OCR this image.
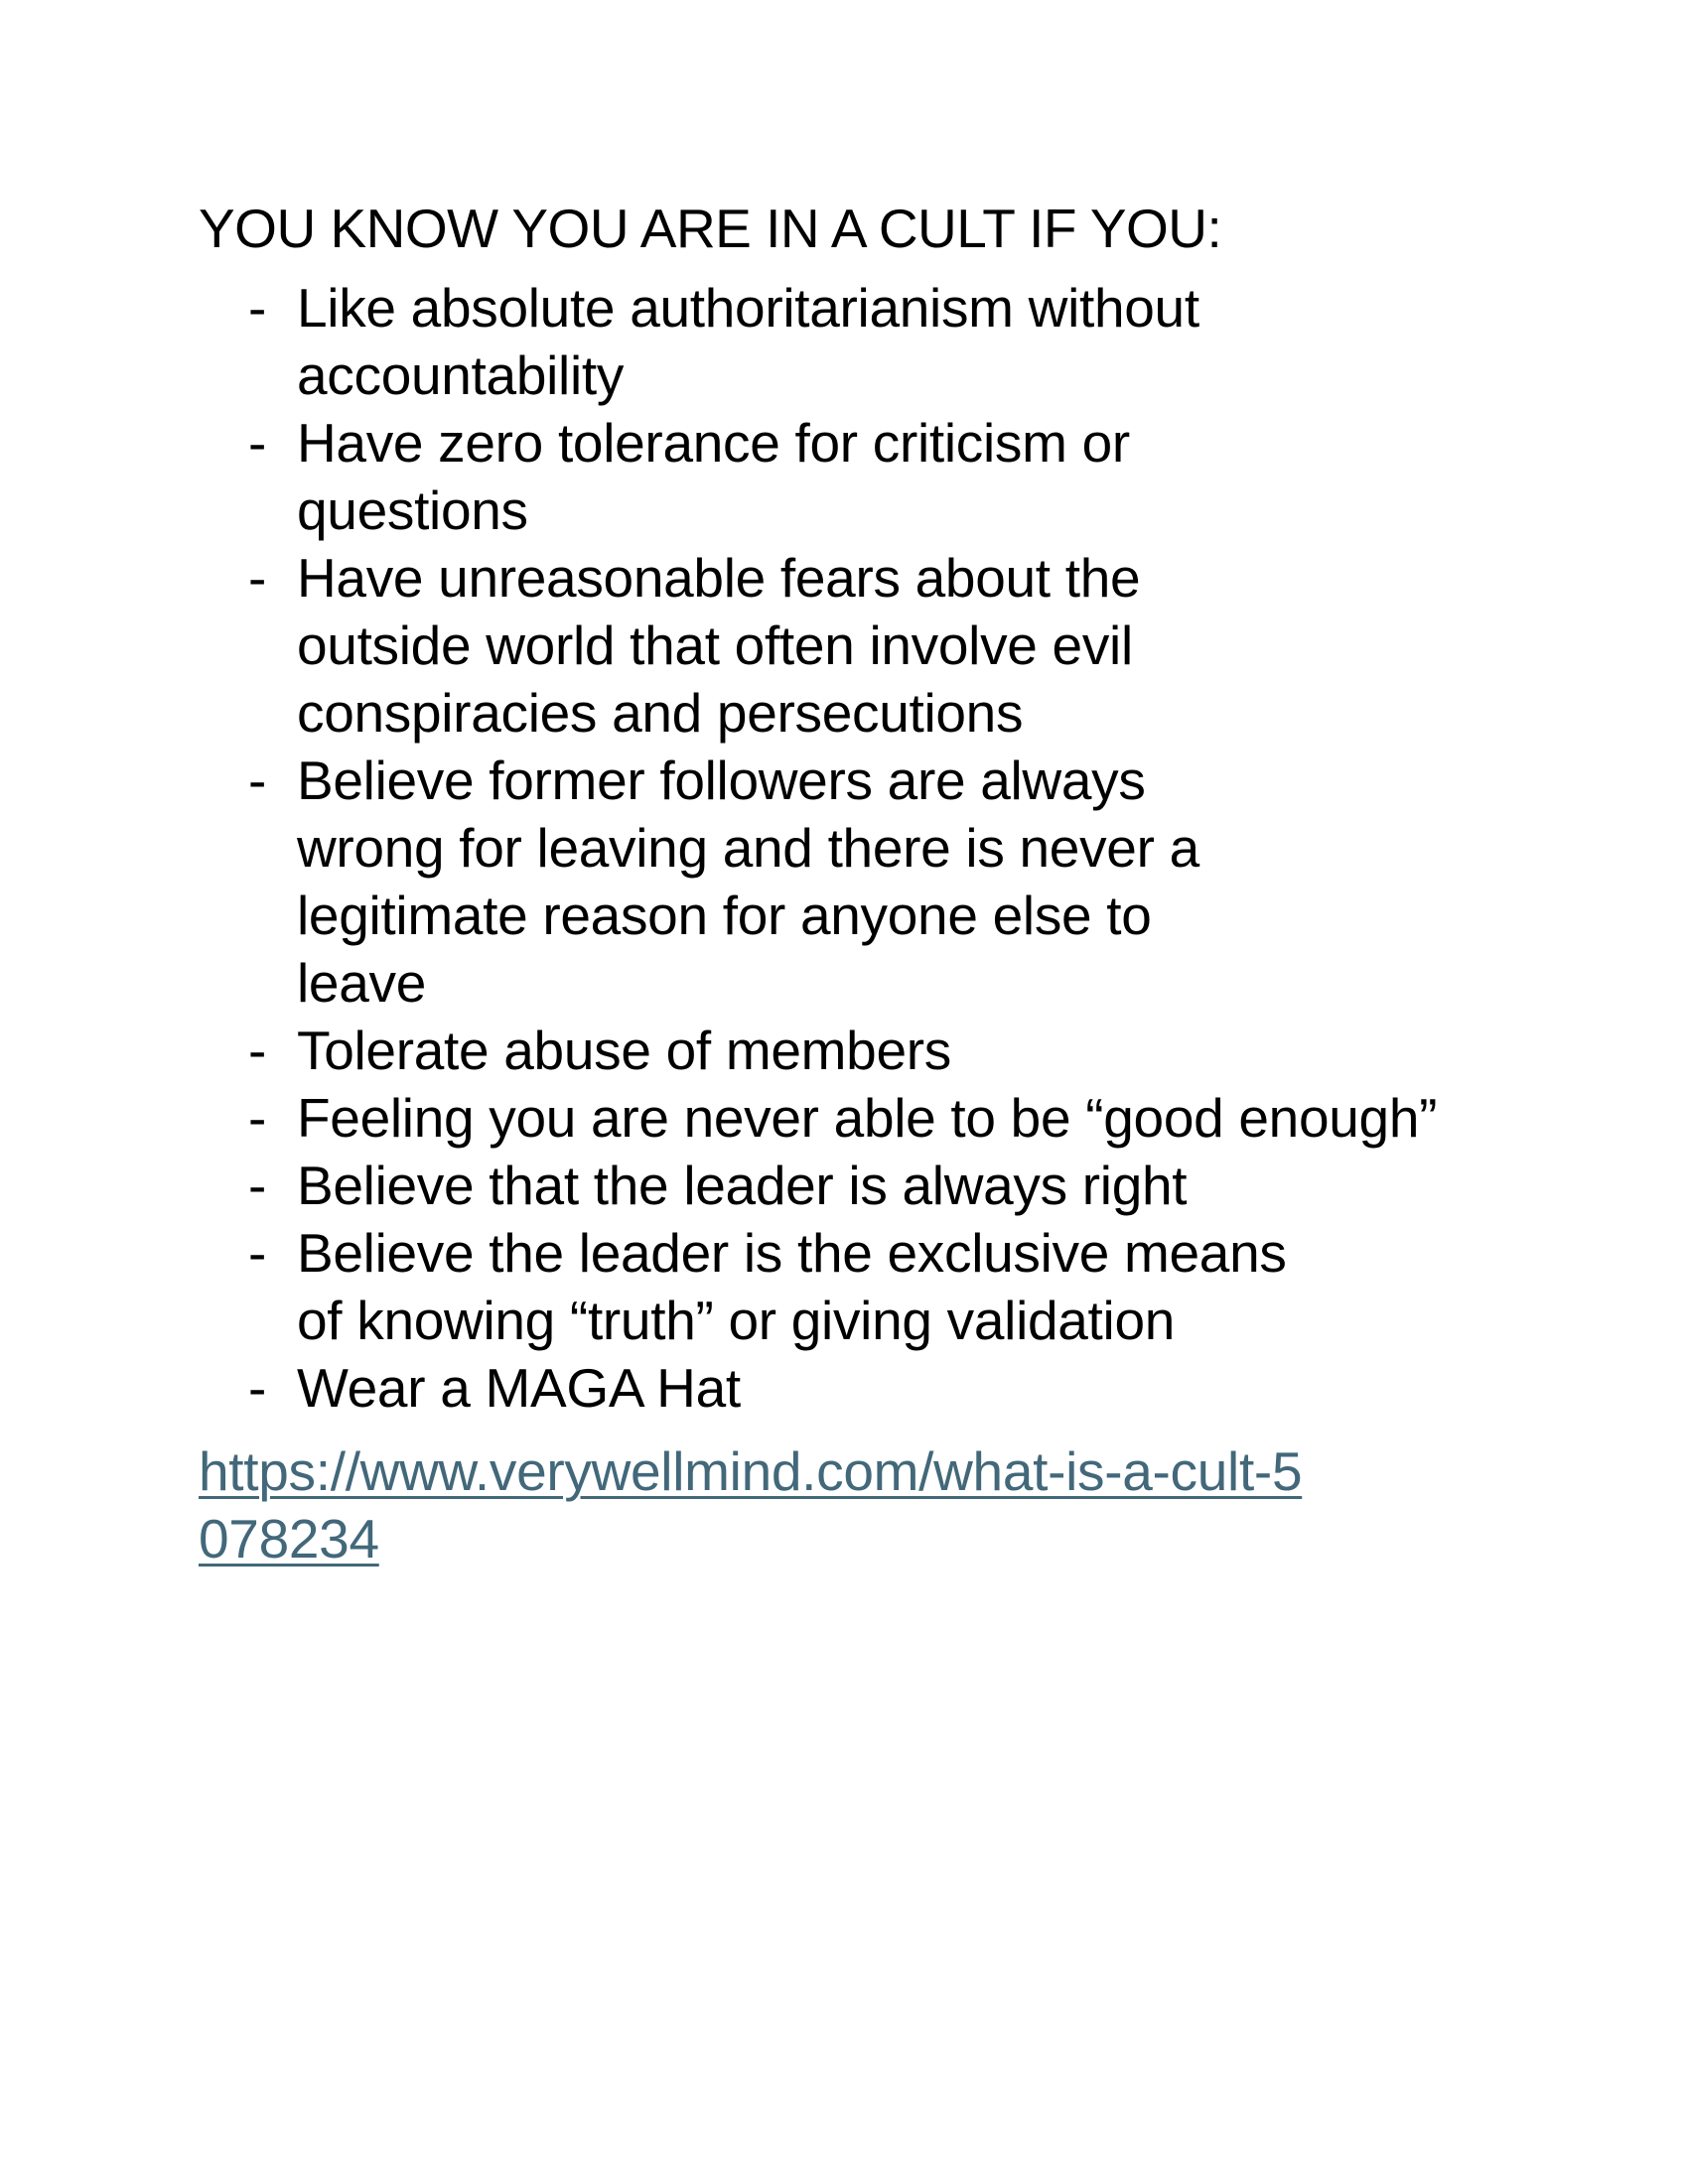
YOU KNOW YOU ARE IN A CULT IF YOU:
- Like absolute authoritarianism without accountability
- Have zero tolerance for criticism or questions
- Have unreasonable fears about the outside world that often involve evil conspiracies and persecutions
- Believe former followers are always wrong for leaving and there is never a legitimate reason for anyone else to leave
- Tolerate abuse of members
- Feeling you are never able to be “good enough”
- Believe that the leader is always right
- Believe the leader is the exclusive means of knowing “truth” or giving validation
- Wear a MAGA Hat

https://www.verywellmind.com/what-is-a-cult-5078234
